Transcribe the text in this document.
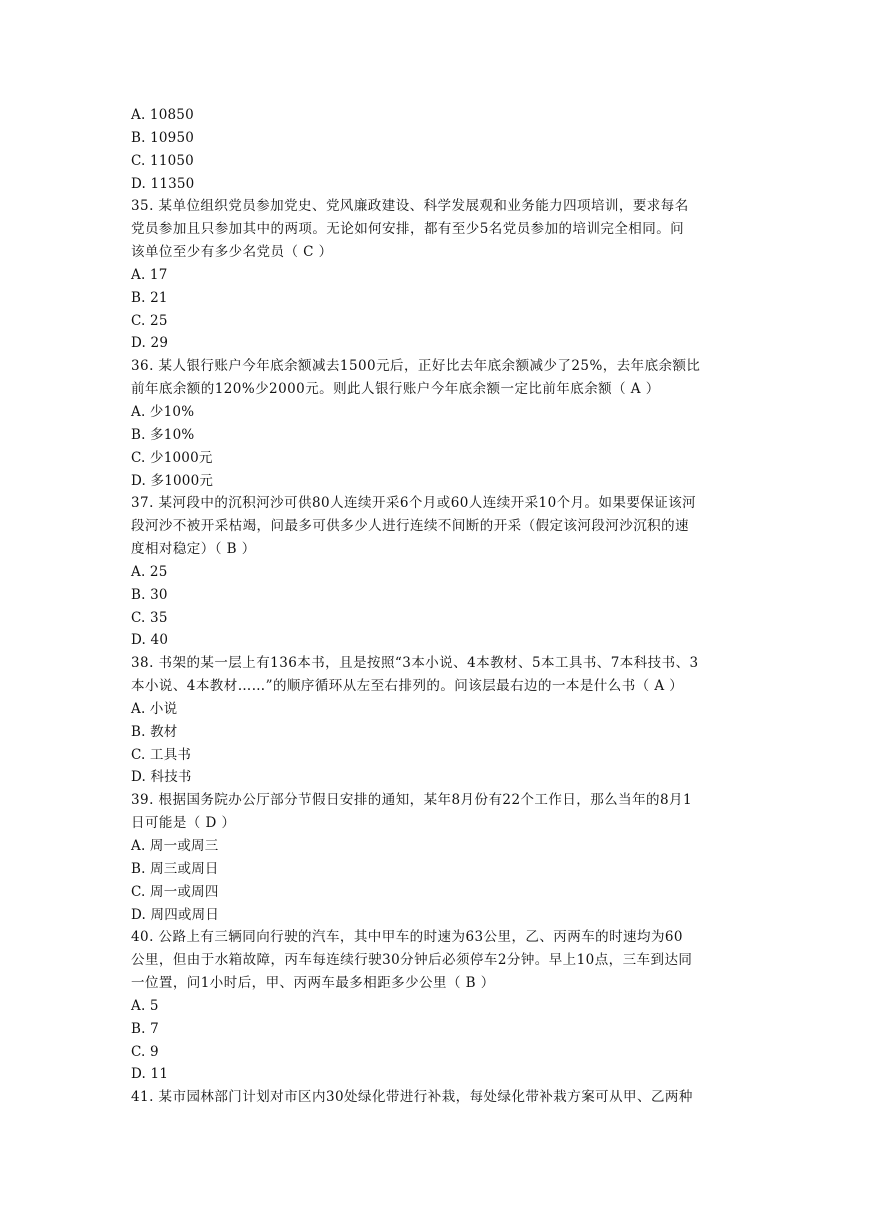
A. 10850
B. 10950
C. 11050
D. 11350
35. 某单位组织党员参加党史、党风廉政建设、科学发展观和业务能力四项培训，要求每名
党员参加且只参加其中的两项。无论如何安排，都有至少5名党员参加的培训完全相同。问
该单位至少有多少名党员（ C ）
A. 17
B. 21
C. 25
D. 29
36. 某人银行账户今年底余额减去1500元后，正好比去年底余额减少了25%，去年底余额比
前年底余额的120%少2000元。则此人银行账户今年底余额一定比前年底余额（ A ）
A. 少10%
B. 多10%
C. 少1000元
D. 多1000元
37. 某河段中的沉积河沙可供80人连续开采6个月或60人连续开采10个月。如果要保证该河
段河沙不被开采枯竭，问最多可供多少人进行连续不间断的开采（假定该河段河沙沉积的速
度相对稳定）（ B ）
A. 25
B. 30
C. 35
D. 40
38. 书架的某一层上有136本书，且是按照“3本小说、4本教材、5本工具书、7本科技书、3
本小说、4本教材……”的顺序循环从左至右排列的。问该层最右边的一本是什么书（ A ）
A. 小说
B. 教材
C. 工具书
D. 科技书
39. 根据国务院办公厅部分节假日安排的通知，某年8月份有22个工作日，那么当年的8月1
日可能是（ D ）
A. 周一或周三
B. 周三或周日
C. 周一或周四
D. 周四或周日
40. 公路上有三辆同向行驶的汽车，其中甲车的时速为63公里，乙、丙两车的时速均为60
公里，但由于水箱故障，丙车每连续行驶30分钟后必须停车2分钟。早上10点，三车到达同
一位置，问1小时后，甲、丙两车最多相距多少公里（ B ）
A. 5
B. 7
C. 9
D. 11
41. 某市园林部门计划对市区内30处绿化带进行补栽，每处绿化带补栽方案可从甲、乙两种
